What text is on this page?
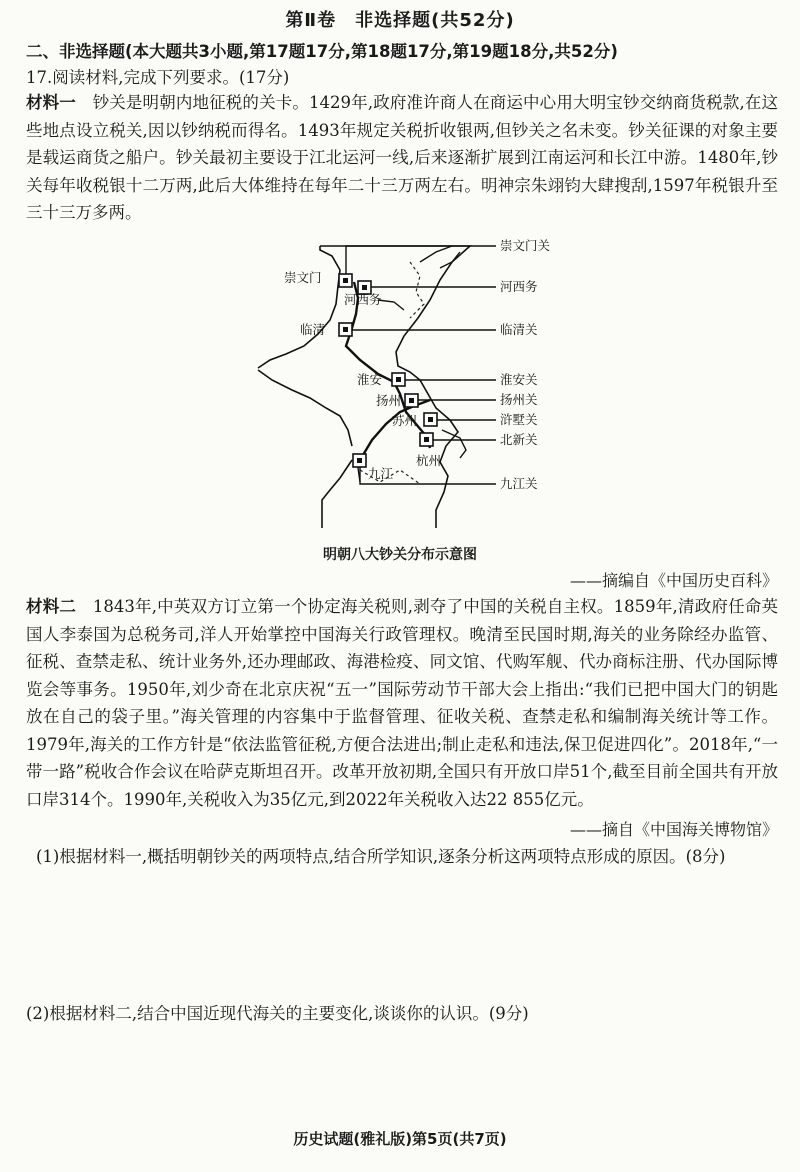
第Ⅱ卷　非选择题(共52分)
二、非选择题(本大题共3小题,第17题17分,第18题17分,第19题18分,共52分)
17.阅读材料,完成下列要求。(17分)
材料一　钞关是明朝内地征税的关卡。1429年,政府准许商人在商运中心用大明宝钞交纳商货税款,在这些地点设立税关,因以钞纳税而得名。1493年规定关税折收银两,但钞关之名未变。钞关征课的对象主要是载运商货之船户。钞关最初主要设于江北运河一线,后来逐渐扩展到江南运河和长江中游。1480年,钞关每年收税银十二万两,此后大体维持在每年二十三万两左右。明神宗朱翊钧大肆搜刮,1597年税银升至三十三万多两。
崇文门
河西务
临清
淮安
扬州
苏州
杭州
九江
崇文门关
河西务
临清关
淮安关
扬州关
浒墅关
北新关
九江关
明朝八大钞关分布示意图
——摘编自《中国历史百科》
材料二　1843年,中英双方订立第一个协定海关税则,剥夺了中国的关税自主权。1859年,清政府任命英国人李泰国为总税务司,洋人开始掌控中国海关行政管理权。晚清至民国时期,海关的业务除经办监管、征税、查禁走私、统计业务外,还办理邮政、海港检疫、同文馆、代购军舰、代办商标注册、代办国际博览会等事务。1950年,刘少奇在北京庆祝“五一”国际劳动节干部大会上指出:“我们已把中国大门的钥匙放在自己的袋子里。”海关管理的内容集中于监督管理、征收关税、查禁走私和编制海关统计等工作。1979年,海关的工作方针是“依法监管征税,方便合法进出;制止走私和违法,保卫促进四化”。2018年,“一带一路”税收合作会议在哈萨克斯坦召开。改革开放初期,全国只有开放口岸51个,截至目前全国共有开放口岸314个。1990年,关税收入为35亿元,到2022年关税收入达22 855亿元。
——摘自《中国海关博物馆》
(1)根据材料一,概括明朝钞关的两项特点,结合所学知识,逐条分析这两项特点形成的原因。(8分)
(2)根据材料二,结合中国近现代海关的主要变化,谈谈你的认识。(9分)
历史试题(雅礼版)第5页(共7页)
